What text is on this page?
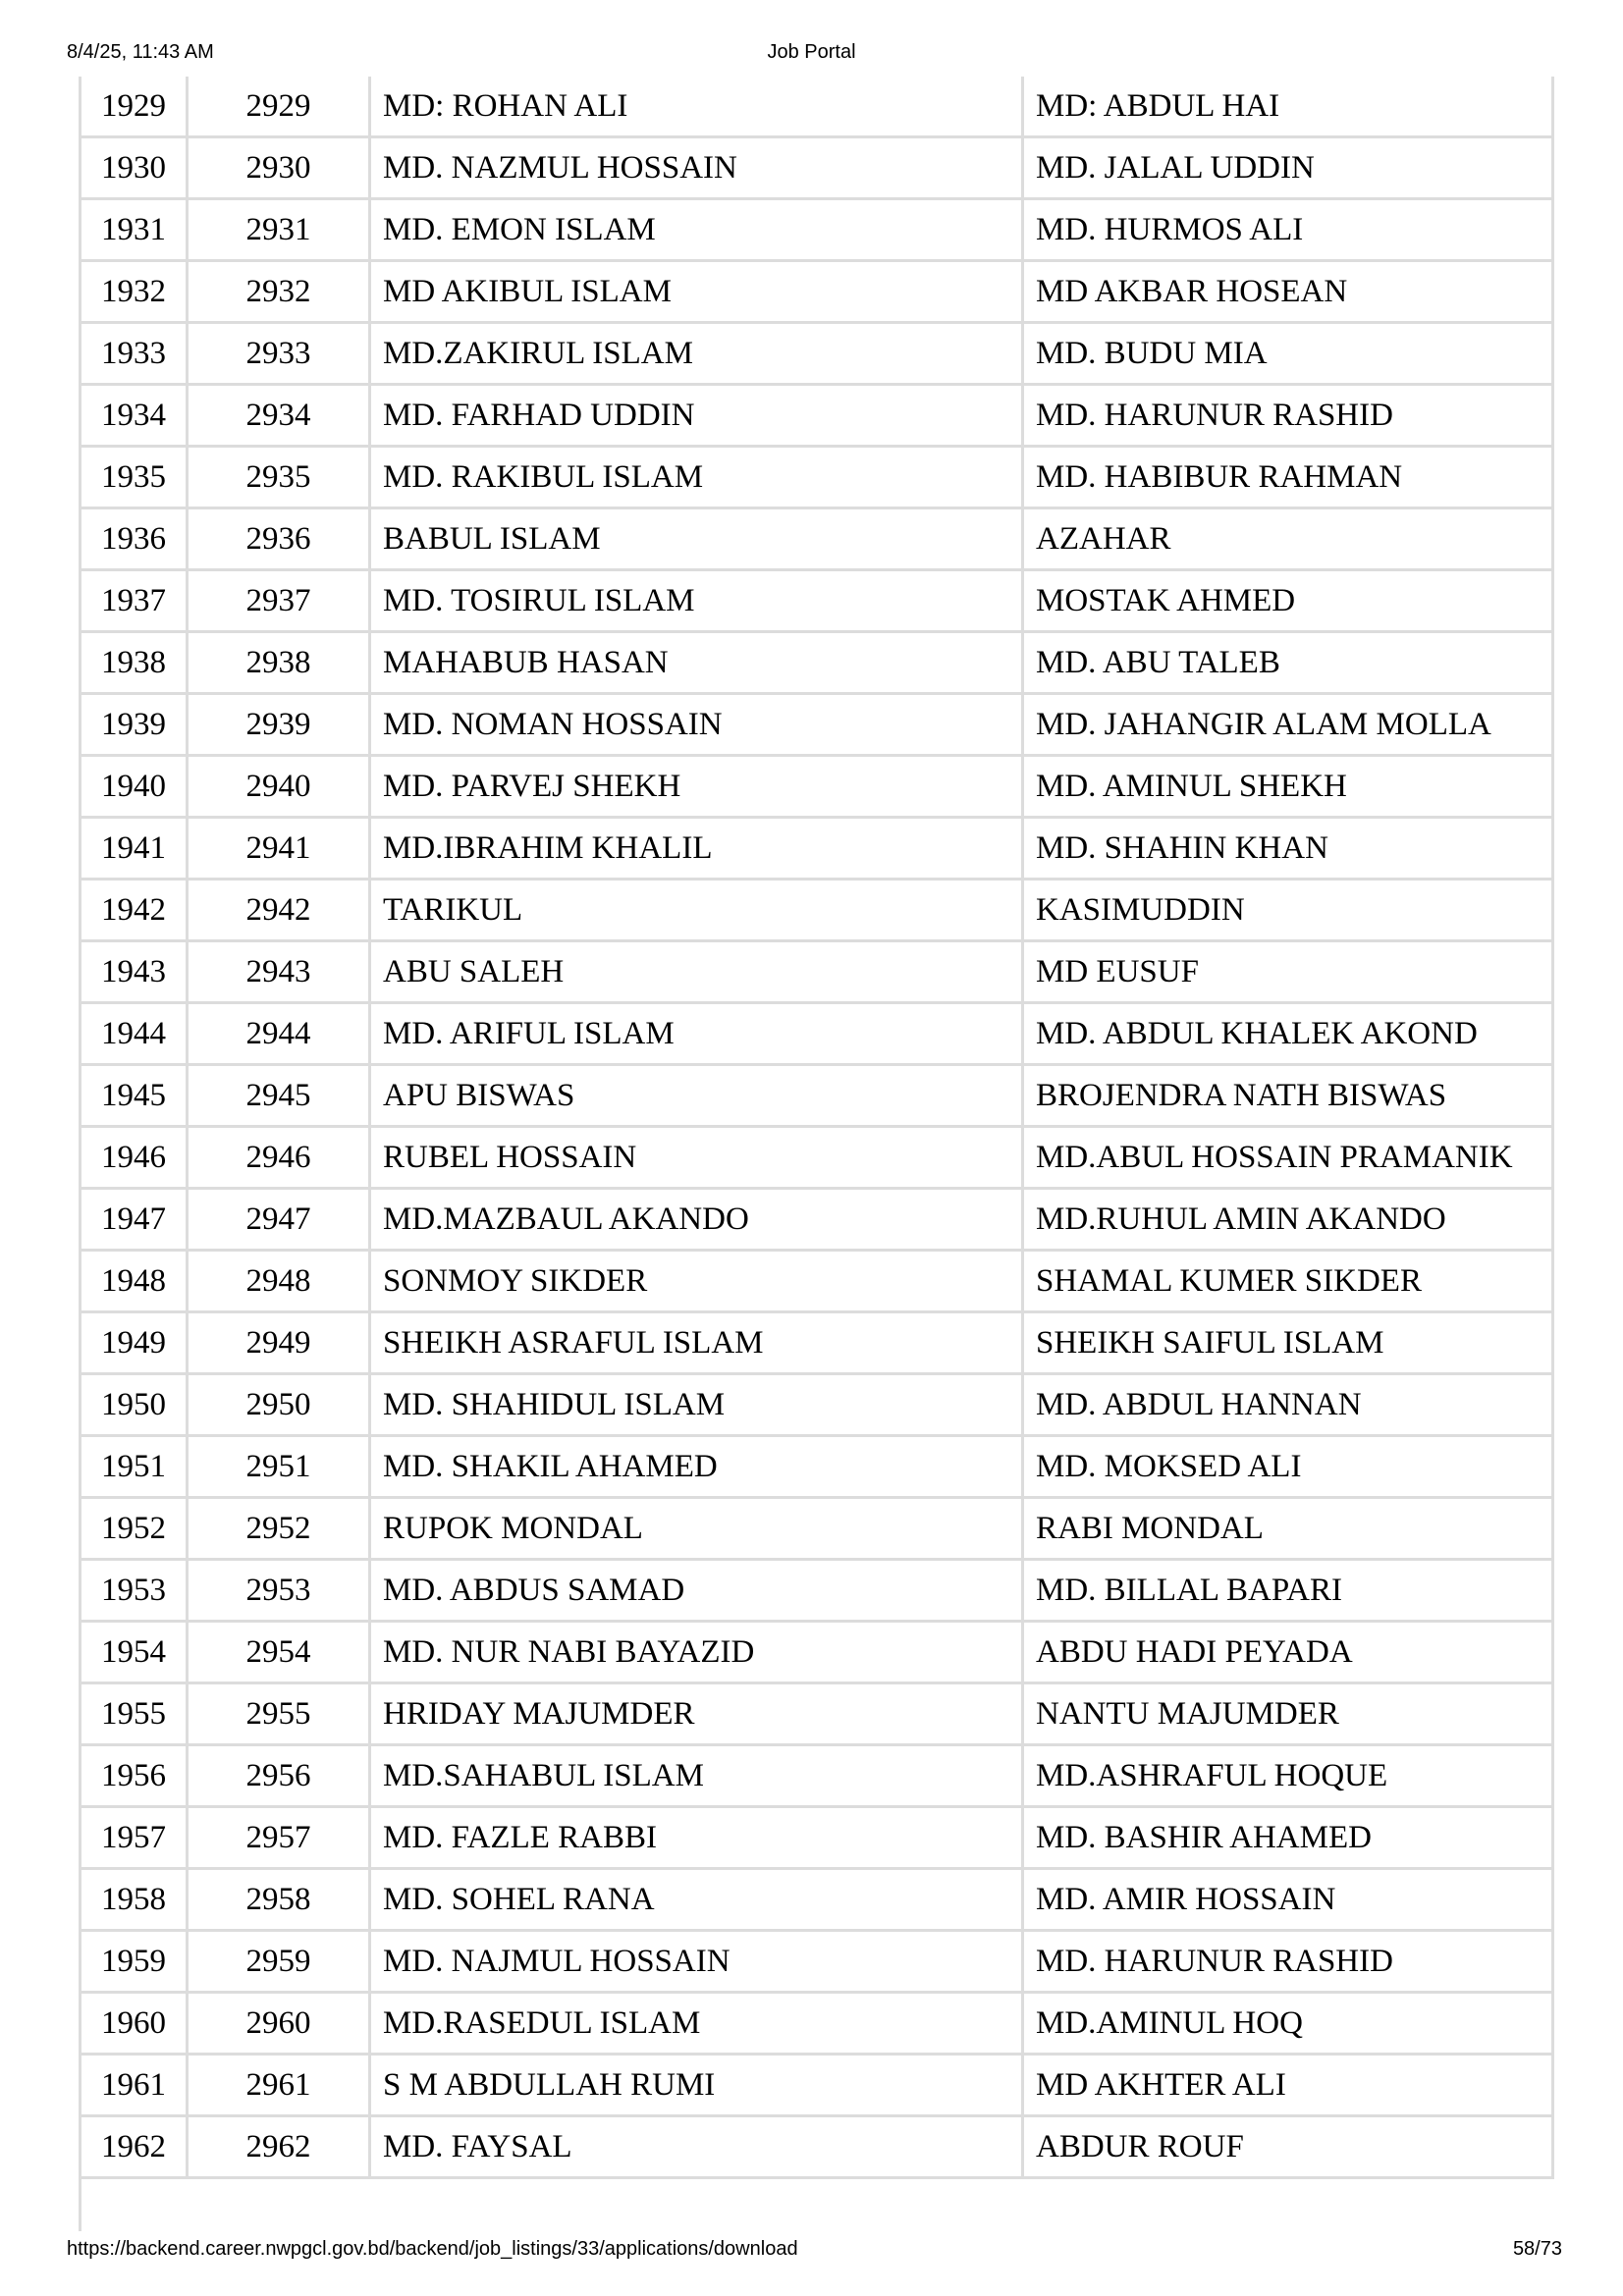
8/4/25, 11:43 AM	Job Portal
1929	2929	MD: ROHAN ALI	MD: ABDUL HAI
1930	2930	MD. NAZMUL HOSSAIN	MD. JALAL UDDIN
1931	2931	MD. EMON ISLAM	MD. HURMOS ALI
1932	2932	MD AKIBUL ISLAM	MD AKBAR HOSEAN
1933	2933	MD.ZAKIRUL ISLAM	MD. BUDU MIA
1934	2934	MD. FARHAD UDDIN	MD. HARUNUR RASHID
1935	2935	MD. RAKIBUL ISLAM	MD. HABIBUR RAHMAN
1936	2936	BABUL ISLAM	AZAHAR
1937	2937	MD. TOSIRUL ISLAM	MOSTAK AHMED
1938	2938	MAHABUB HASAN	MD. ABU TALEB
1939	2939	MD. NOMAN HOSSAIN	MD. JAHANGIR ALAM MOLLA
1940	2940	MD. PARVEJ SHEKH	MD. AMINUL SHEKH
1941	2941	MD.IBRAHIM KHALIL	MD. SHAHIN KHAN
1942	2942	TARIKUL	KASIMUDDIN
1943	2943	ABU SALEH	MD EUSUF
1944	2944	MD. ARIFUL ISLAM	MD. ABDUL KHALEK AKOND
1945	2945	APU BISWAS	BROJENDRA NATH BISWAS
1946	2946	RUBEL HOSSAIN	MD.ABUL HOSSAIN PRAMANIK
1947	2947	MD.MAZBAUL AKANDO	MD.RUHUL AMIN AKANDO
1948	2948	SONMOY SIKDER	SHAMAL KUMER SIKDER
1949	2949	SHEIKH ASRAFUL ISLAM	SHEIKH SAIFUL ISLAM
1950	2950	MD. SHAHIDUL ISLAM	MD. ABDUL HANNAN
1951	2951	MD. SHAKIL AHAMED	MD. MOKSED ALI
1952	2952	RUPOK MONDAL	RABI MONDAL
1953	2953	MD. ABDUS SAMAD	MD. BILLAL BAPARI
1954	2954	MD. NUR NABI BAYAZID	ABDU HADI PEYADA
1955	2955	HRIDAY MAJUMDER	NANTU MAJUMDER
1956	2956	MD.SAHABUL ISLAM	MD.ASHRAFUL HOQUE
1957	2957	MD. FAZLE RABBI	MD. BASHIR AHAMED
1958	2958	MD. SOHEL RANA	MD. AMIR HOSSAIN
1959	2959	MD. NAJMUL HOSSAIN	MD. HARUNUR RASHID
1960	2960	MD.RASEDUL ISLAM	MD.AMINUL HOQ
1961	2961	S M ABDULLAH RUMI	MD AKHTER ALI
1962	2962	MD. FAYSAL	ABDUR ROUF
https://backend.career.nwpgcl.gov.bd/backend/job_listings/33/applications/download	58/73
